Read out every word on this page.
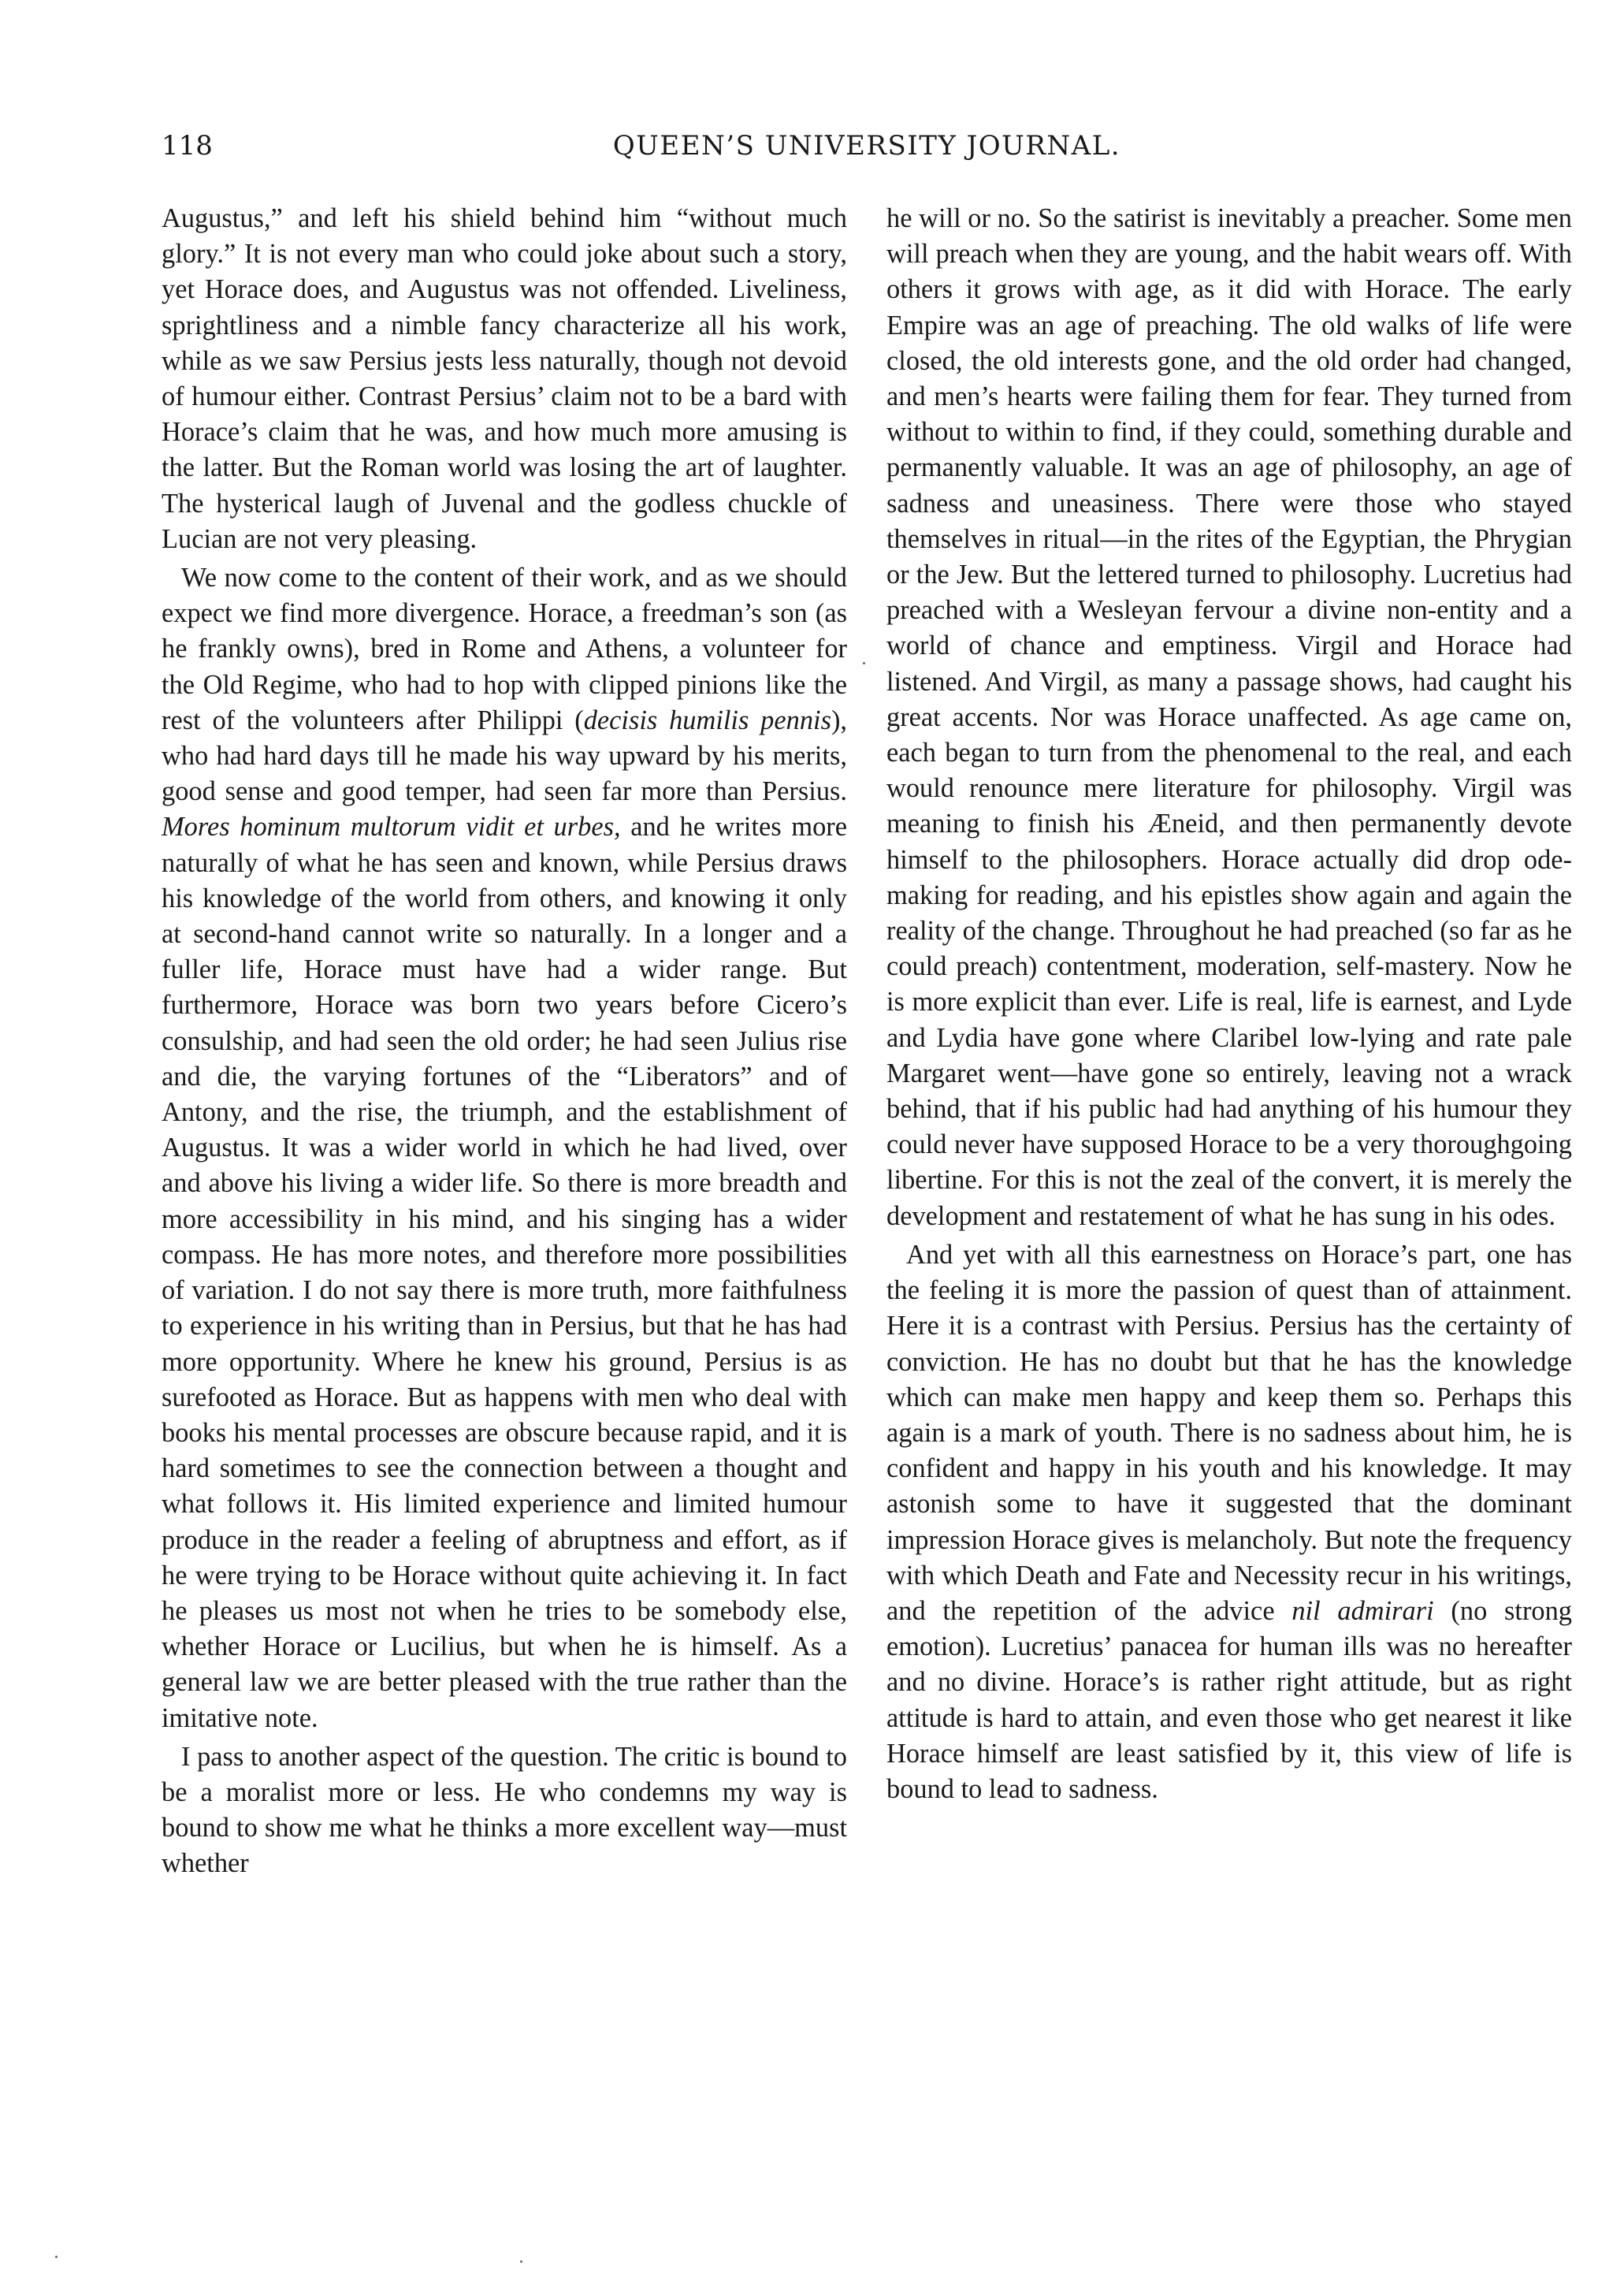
118	QUEEN’S UNIVERSITY JOURNAL.

Augustus,” and left his shield behind him “without much glory.” It is not every man who could joke about such a story, yet Horace does, and Augustus was not offended. Liveliness, sprightliness and a nimble fancy characterize all his work, while as we saw Persius jests less naturally, though not devoid of humour either. Contrast Persius’ claim not to be a bard with Horace’s claim that he was, and how much more amusing is the latter. But the Roman world was losing the art of laughter. The hysterical laugh of Juvenal and the godless chuckle of Lucian are not very pleasing.

We now come to the content of their work, and as we should expect we find more divergence. Horace, a freedman’s son (as he frankly owns), bred in Rome and Athens, a volunteer for the Old Regime, who had to hop with clipped pinions like the rest of the volunteers after Philippi (decisis humilis pennis), who had hard days till he made his way upward by his merits, good sense and good temper, had seen far more than Persius. Mores hominum multorum vidit et urbes, and he writes more naturally of what he has seen and known, while Persius draws his knowledge of the world from others, and knowing it only at second-hand cannot write so naturally. In a longer and a fuller life, Horace must have had a wider range. But furthermore, Horace was born two years before Cicero’s consulship, and had seen the old order; he had seen Julius rise and die, the varying fortunes of the “Liberators” and of Antony, and the rise, the triumph, and the establishment of Augustus. It was a wider world in which he had lived, over and above his living a wider life. So there is more breadth and more accessibility in his mind, and his singing has a wider compass. He has more notes, and therefore more possibilities of variation. I do not say there is more truth, more faithfulness to experience in his writing than in Persius, but that he has had more opportunity. Where he knew his ground, Persius is as surefooted as Horace. But as happens with men who deal with books his mental processes are obscure because rapid, and it is hard sometimes to see the connection between a thought and what follows it. His limited experience and limited humour produce in the reader a feeling of abruptness and effort, as if he were trying to be Horace without quite achieving it. In fact he pleases us most not when he tries to be somebody else, whether Horace or Lucilius, but when he is himself. As a general law we are better pleased with the true rather than the imitative note.

I pass to another aspect of the question. The critic is bound to be a moralist more or less. He who condemns my way is bound to show me what he thinks a more excellent way—must whether

he will or no. So the satirist is inevitably a preacher. Some men will preach when they are young, and the habit wears off. With others it grows with age, as it did with Horace. The early Empire was an age of preaching. The old walks of life were closed, the old interests gone, and the old order had changed, and men’s hearts were failing them for fear. They turned from without to within to find, if they could, something durable and permanently valuable. It was an age of philosophy, an age of sadness and uneasiness. There were those who stayed themselves in ritual—in the rites of the Egyptian, the Phrygian or the Jew. But the lettered turned to philosophy. Lucretius had preached with a Wesleyan fervour a divine non-entity and a world of chance and emptiness. Virgil and Horace had listened. And Virgil, as many a passage shows, had caught his great accents. Nor was Horace unaffected. As age came on, each began to turn from the phenomenal to the real, and each would renounce mere literature for philosophy. Virgil was meaning to finish his Æneid, and then permanently devote himself to the philosophers. Horace actually did drop ode-making for reading, and his epistles show again and again the reality of the change. Throughout he had preached (so far as he could preach) contentment, moderation, self-mastery. Now he is more explicit than ever. Life is real, life is earnest, and Lyde and Lydia have gone where Claribel low-lying and rate pale Margaret went—have gone so entirely, leaving not a wrack behind, that if his public had had anything of his humour they could never have supposed Horace to be a very thoroughgoing libertine. For this is not the zeal of the convert, it is merely the development and restatement of what he has sung in his odes.

And yet with all this earnestness on Horace’s part, one has the feeling it is more the passion of quest than of attainment. Here it is a contrast with Persius. Persius has the certainty of conviction. He has no doubt but that he has the knowledge which can make men happy and keep them so. Perhaps this again is a mark of youth. There is no sadness about him, he is confident and happy in his youth and his knowledge. It may astonish some to have it suggested that the dominant impression Horace gives is melancholy. But note the frequency with which Death and Fate and Necessity recur in his writings, and the repetition of the advice nil admirari (no strong emotion). Lucretius’ panacea for human ills was no hereafter and no divine. Horace’s is rather right attitude, but as right attitude is hard to attain, and even those who get nearest it like Horace himself are least satisfied by it, this view of life is bound to lead to sadness.
